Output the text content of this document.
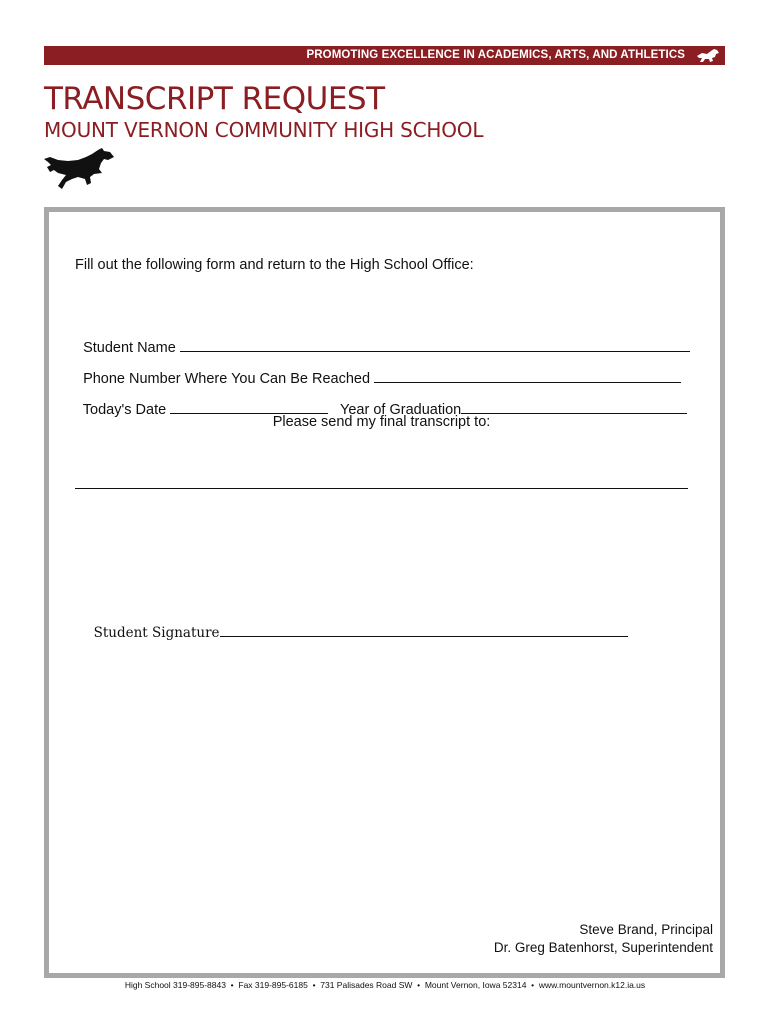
PROMOTING EXCELLENCE IN ACADEMICS, ARTS, AND ATHLETICS
TRANSCRIPT REQUEST
MOUNT VERNON COMMUNITY HIGH SCHOOL
Fill out the following form and return to the High School Office:

Student Name

Phone Number Where You Can Be Reached

Today's Date	Year of Graduation

Please send my final transcript to:

Student Signature

Steve Brand, Principal
Dr. Greg Batenhorst, Superintendent
High School 319-895-8843  •  Fax 319-895-6185  •  731 Palisades Road SW  •  Mount Vernon, Iowa 52314  •  www.mountvernon.k12.ia.us
